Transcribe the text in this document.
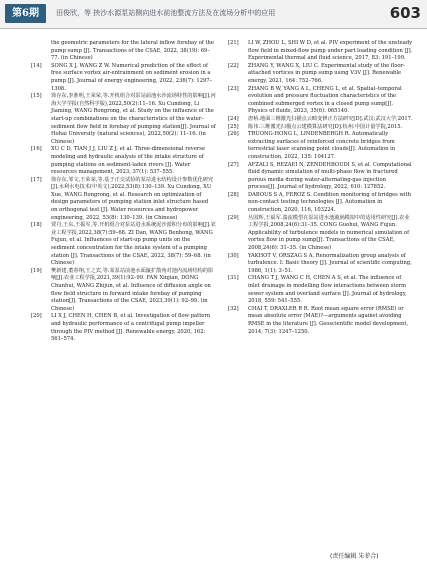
第6期	田俊欣，等 挟沙水源泵站侧向进水前池整流方法及在流场分析中的应用	603
the geometric parameters for the lateral inflow forebay of the pump sump [J]. Transactions of the CSAE, 2022, 38(19): 69–77. (in Chinese)
[14] SONG X J, WANG Z W. Numerical prediction of the effect of free surface vortex air-entrainment on sediment erosion in a pump [J]. Journal of energy engineering, 2022, 236(7): 1297–1308.
[15] 徐存东,李准明,王荣荣,等.开机组合对泵站前池水沙流场特性的影响[J].河海大学学报(自然科学版),2022,50(2):11–16. Xu Cundong, Li Jiaming, WANG Rongrong, et al. Study on the influence of the start-up combinations on the characteristics of the water–sediment flow field in forebay of pumping station[J]. Journal of Hohai University (natural sciences), 2022,50(2): 11–16. (in Chinese)
[16] XU C D, TIAN J J, LIU Z J, et al. Three-dimensional reverse modeling and hydraulic analysis of the intake structure of pumping stations on sediment-laden rivers [J]. Water resources management, 2023, 37(1): 537–555.
[17] 徐存东,邹文,王荣荣,等.基于正交试验的泵站进水结构设计参数优化研究[J].水利水电技术(中英文),2022,53(8):130–139. Xu Cundong, XU Xue, WANG Rongrong, et al. Research on optimization of design parameters of pumping station inlet structure based on orthogonal test [J]. Water resources and hydropower engineering, 2022, 53(8): 130–139. (in Chinese)
[18] 贾丹,王东,王振军,等.开机组合对泵站进水系统泥沙淤积分布的影响[J].农业工程学报,2022,38(7):59–68. ZI Dan, WANG Benhong, WANG Fujun, et al. Influences of start-up pump units on the sediment concentration for the intake system of a pumping station [J]. Transactions of the CSAE, 2022, 38(7): 59–68. (in Chinese)
[19] 樊新建,董春翔,王之宾,等.某泵站前池水面漩扩散角对池内流场结构的影响[J].农业工程学报,2021,39(1):92–99. FAN Xinjian, DONG Chunhui, WANG Zhijun, et al. Influence of diffusion angle on flow field structure in forward intake forebay of pumping station[J]. Transactions of the CSAE, 2023,39(1): 92–99. (in Chinese)
[20] LI X J, CHEN H, CHEN B, et al. Investigation of flow pattern and hydraulic performance of a centrifugal pump impeller through the PIV method [J]. Renewable energy, 2020, 162: 561–574.
[21] LI W, ZHOU L, SHI W D, et al. PIV experiment of the unsteady flow field in mixed-flow pump under part loading condition [J]. Experimental thermal and fluid science, 2017, 83: 191–199.
[22] ZHANG Y, WANG X, LIU C. Experimental study of the floor-attached vortices in pump sump using V3V [J]. Renewable energy, 2021, 164: 752–766.
[23] ZHANG B W, YANG A L, CHENG L, et al. Spatial–temporal evolution and pressure fluctuation characteristics of the combined submerged vortex in a closed pump sump[J]. Physics of fluids, 2023, 35(6): 065140.
[24] 唐桥.地面三维激光扫描点云畸变修正方法研究[D].武汉:武汉大学,2017.
[25] 陈伟.三维激光扫描点云建模算法研究[D].杭州:中国计量学院,2015.
[26] TRUONG-HONG L, LINDENBERGH R. Automatically extracting surfaces of reinforced concrete bridges from terrestrial laser scanning point clouds[J]. Automation in construction, 2022, 135: 104127.
[27] AFZALI S, REZAEI N, ZENDEHBOUDI S, et al. Computational fluid dynamic simulation of multi-phase flow in fractured porous media during water-alternating-gas injection process[J]. Journal of hydrology, 2022, 610: 127852.
[28] DABOUS S A, FEROZ S. Condition monitoring of bridges with non-contact testing technologies [J]. Automation in construction, 2020, 116, 103224.
[29] 丛国辉,王福军.湍流模型在泵站进水池漩涡模拟中的适用性研究[J].农业工程学报,2008,24(6):31–35. CONG Guohui, WANG Fujun. Applicability of turbulence models in numerical simulation of vortex flow in pump sump[J]. Transactions of the CSAE, 2008,24(6): 31–35. (in Chinese)
[30] YAKHOT V, ORSZAG S A. Renormalization group analysis of turbulence. I: Basic theory [J]. Journal of scientific computing, 1986, 1(1): 3–51.
[31] CHANG T J, WANG C H, CHEN A S, et al. The influence of inlet drainage in modelling flow interactions between storm sewer system and overland surface [J]. Journal of hydrology, 2018, 559: 541–555.
[32] CHAI T, DRAXLER R R. Root mean square error (RMSE) or mean absolute error (MAE)?—arguments against avoiding RMSE in the literature [J]. Geoscientific model development, 2014, 7(3): 1247–1250.
(责任编辑 朱菲合)
